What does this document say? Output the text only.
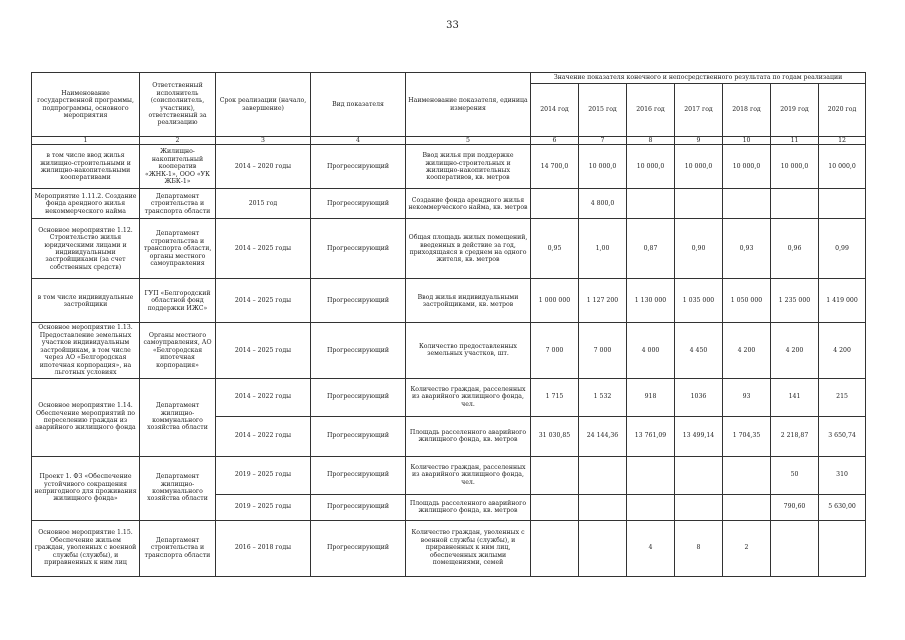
33
Наименование государственной программы, подпрограммы, основного мероприятия	Ответственный исполнитель (соисполнитель, участник), ответственный за реализацию	Срок реализации (начало, завершение)	Вид показателя	Наименование показателя, единица измерения	Значение показателя конечного и непосредственного результата по годам реализации						
					2014 год	2015 год	2016 год	2017 год	2018 год	2019 год	2020 год
1	2	3	4	5	6	7	8	9	10	11	12
в том числе ввод жилья жилищно-строительными и жилищно-накопительными кооперативами	Жилищно-накопительный кооператив «ЖНК-1», ООО «УК ЖБК-1»	2014 – 2020 годы	Прогрессирующий	Ввод жилья при поддержке жилищно-строительных и жилищно-накопительных кооперативов, кв. метров	14 700,0	10 000,0	10 000,0	10 000,0	10 000,0	10 000,0	10 000,0
Мероприятие 1.11.2. Создание фонда арендного жилья некоммерческого найма	Департамент строительства и транспорта области	2015 год	Прогрессирующий	Создание фонда арендного жилья некоммерческого найма, кв. метров		4 800,0					
Основное мероприятие 1.12. Строительство жилья юридическими лицами и индивидуальными застройщиками (за счет собственных средств)	Департамент строительства и транспорта области, органы местного самоуправления	2014 – 2025 годы	Прогрессирующий	Общая площадь жилых помещений, введенных в действие за год, приходящаяся в среднем на одного жителя, кв. метров	0,95	1,00	0,87	0,90	0,93	0,96	0,99
в том числе индивидуальные застройщики	ГУП «Белгородский областной фонд поддержки ИЖС»	2014 – 2025 годы	Прогрессирующий	Ввод жилья индивидуальными застройщиками, кв. метров	1 000 000	1 127 200	1 130 000	1 035 000	1 050 000	1 235 000	1 419 000
Основное мероприятие 1.13. Предоставление земельных участков индивидуальным застройщикам, в том числе через АО «Белгородская ипотечная корпорация», на льготных условиях	Органы местного самоуправления, АО «Белгородская ипотечная корпорация»	2014 – 2025 годы	Прогрессирующий	Количество предоставленных земельных участков, шт.	7 000	7 000	4 000	4 450	4 200	4 200	4 200
Основное мероприятие 1.14. Обеспечение мероприятий по переселению граждан из аварийного жилищного фонда	Департамент жилищно-коммунального хозяйства области	2014 – 2022 годы	Прогрессирующий	Количество граждан, расселенных из аварийного жилищного фонда, чел.	1 715	1 532	918	1036	93	141	215
		2014 – 2022 годы	Прогрессирующий	Площадь расселенного аварийного жилищного фонда, кв. метров	31 030,85	24 144,36	13 761,09	13 499,14	1 704,35	2 218,87	3 650,74
Проект 1. ФЗ «Обеспечение устойчивого сокращения непригодного для проживания жилищного фонда»	Департамент жилищно-коммунального хозяйства области	2019 – 2025 годы	Прогрессирующий	Количество граждан, расселенных из аварийного жилищного фонда, чел.						50	310
		2019 – 2025 годы	Прогрессирующий	Площадь расселенного аварийного жилищного фонда, кв. метров						790,60	5 630,00
Основное мероприятие 1.15. Обеспечение жильем граждан, уволенных с военной службы (службы), и приравненных к ним лиц	Департамент строительства и транспорта области	2016 – 2018 годы	Прогрессирующий	Количество граждан, уволенных с военной службы (службы), и приравненных к ним лиц, обеспеченных жилыми помещениями, семей			4	8	2		
